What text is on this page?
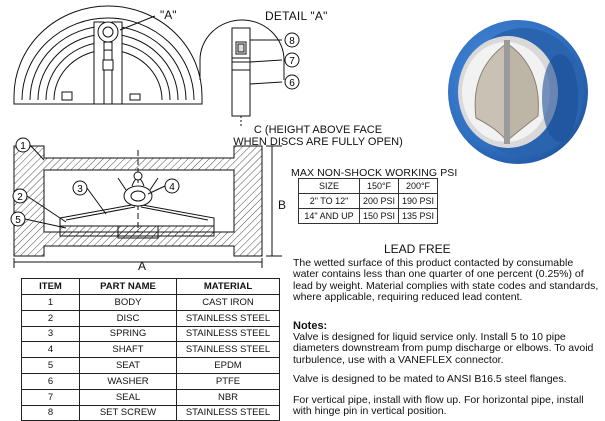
8
7
6
1
2
3	4
5
"A"	DETAIL "A"
C (HEIGHT ABOVE FACE
WHEN DISCS ARE FULLY OPEN)
A
B
MAX NON-SHOCK WORKING PSI
SIZE	150°F	200°F
2" TO 12"	200 PSI	190 PSI
14" AND UP	150 PSI	135 PSI
LEAD FREE
The wetted surface of this product contacted by consumable water contains less than one quarter of one percent (0.25%) of lead by weight. Material complies with state codes and standards, where applicable, requiring reduced lead content.
Notes:
Valve is designed for liquid service only. Install 5 to 10 pipe diameters downstream from pump discharge or elbows. To avoid turbulence, use with a VANEFLEX connector.
Valve is designed to be mated to ANSI B16.5 steel flanges.
For vertical pipe, install with flow up. For horizontal pipe, install with hinge pin in vertical position.
ITEM	PART NAME	MATERIAL
1	BODY	CAST IRON
2	DISC	STAINLESS STEEL
3	SPRING	STAINLESS STEEL
4	SHAFT	STAINLESS STEEL
5	SEAT	EPDM
6	WASHER	PTFE
7	SEAL	NBR
8	SET SCREW	STAINLESS STEEL
